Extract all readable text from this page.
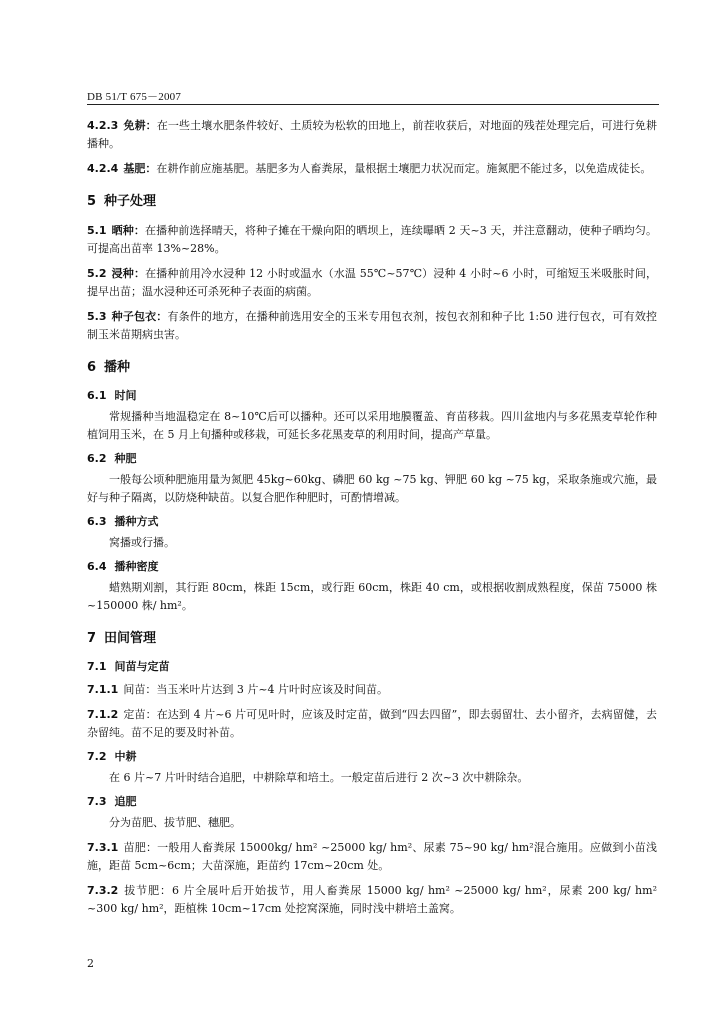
DB 51/T 675－2007

4.2.3 免耕：在一些土壤水肥条件较好、土质较为松软的田地上，前茬收获后，对地面的残茬处理完后，可进行免耕播种。

4.2.4 基肥：在耕作前应施基肥。基肥多为人畜粪尿，量根据土壤肥力状况而定。施氮肥不能过多，以免造成徒长。

5 种子处理

5.1 晒种：在播种前选择晴天，将种子摊在干燥向阳的晒坝上，连续曝晒 2 天~3 天，并注意翻动，使种子晒均匀。可提高出苗率 13%~28%。

5.2 浸种：在播种前用冷水浸种 12 小时或温水（水温 55℃~57℃）浸种 4 小时~6 小时，可缩短玉米吸胀时间，提早出苗；温水浸种还可杀死种子表面的病菌。

5.3 种子包衣：有条件的地方，在播种前选用安全的玉米专用包衣剂，按包衣剂和种子比 1:50 进行包衣，可有效控制玉米苗期病虫害。

6 播种
6.1 时间

常规播种当地温稳定在 8~10℃后可以播种。还可以采用地膜覆盖、育苗移栽。四川盆地内与多花黑麦草轮作种植饲用玉米，在 5 月上旬播种或移栽，可延长多花黑麦草的利用时间，提高产草量。

6.2 种肥

一般每公顷种肥施用量为氮肥 45kg~60kg、磷肥 60 kg ~75 kg、钾肥 60 kg ~75 kg，采取条施或穴施，最好与种子隔离，以防烧种缺苗。以复合肥作种肥时，可酌情增减。

6.3 播种方式

窝播或行播。

6.4 播种密度

蜡熟期刈割，其行距 80cm，株距 15cm，或行距 60cm，株距 40 cm，或根据收割成熟程度，保苗 75000 株~150000 株/ hm²。

7 田间管理
7.1 间苗与定苗

7.1.1 间苗：当玉米叶片达到 3 片~4 片叶时应该及时间苗。

7.1.2 定苗：在达到 4 片~6 片可见叶时，应该及时定苗，做到“四去四留”，即去弱留壮、去小留齐，去病留健，去杂留纯。苗不足的要及时补苗。

7.2 中耕

在 6 片~7 片叶时结合追肥，中耕除草和培土。一般定苗后进行 2 次~3 次中耕除杂。

7.3 追肥

分为苗肥、拔节肥、穗肥。

7.3.1 苗肥：一般用人畜粪尿 15000kg/ hm² ~25000 kg/ hm²、尿素 75~90 kg/ hm²混合施用。应做到小苗浅施，距苗 5cm~6cm；大苗深施，距苗约 17cm~20cm 处。

7.3.2 拔节肥：6 片全展叶后开始拔节，用人畜粪尿 15000 kg/ hm² ~25000 kg/ hm²，尿素 200 kg/ hm² ~300 kg/ hm²，距植株 10cm~17cm 处挖窝深施，同时浅中耕培土盖窝。

2
